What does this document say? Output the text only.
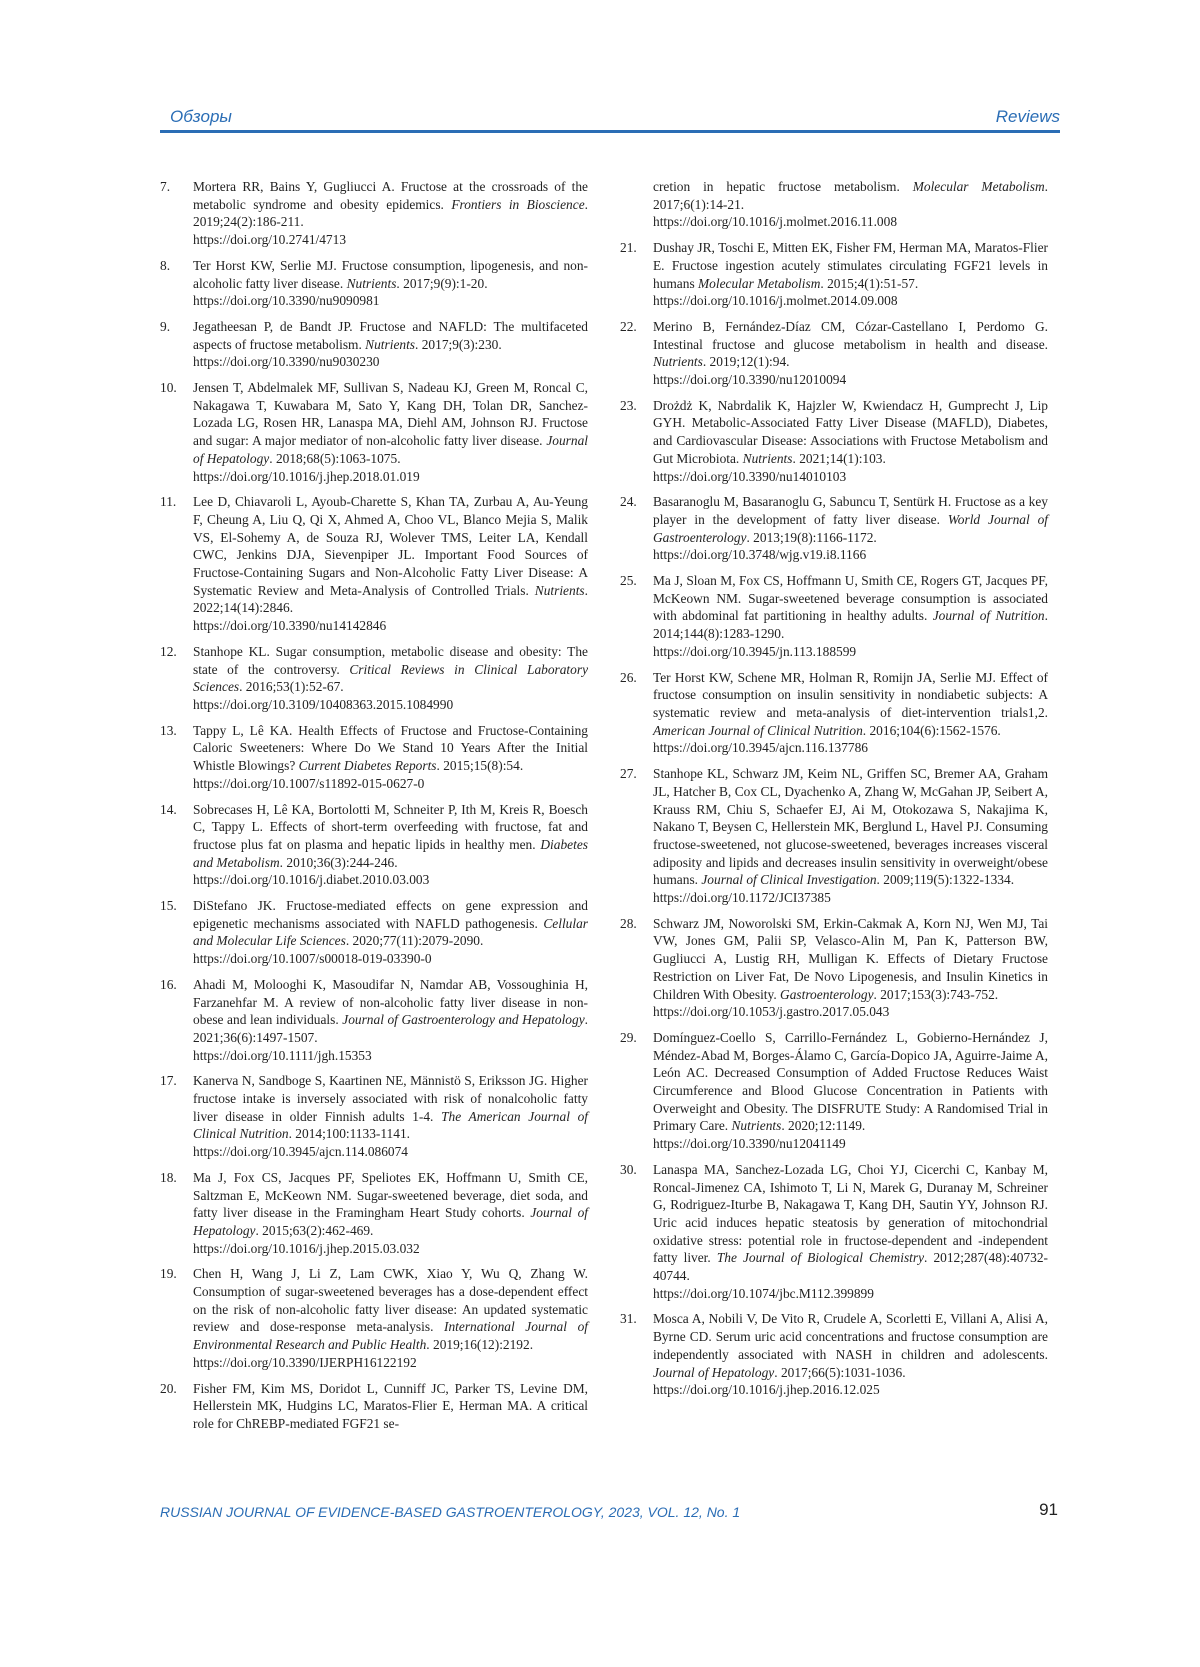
Обзоры	Reviews
7. Mortera RR, Bains Y, Gugliucci A. Fructose at the crossroads of the metabolic syndrome and obesity epidemics. Frontiers in Bioscience. 2019;24(2):186-211.
https://doi.org/10.2741/4713
8. Ter Horst KW, Serlie MJ. Fructose consumption, lipogenesis, and non-alcoholic fatty liver disease. Nutrients. 2017;9(9):1-20.
https://doi.org/10.3390/nu9090981
9. Jegatheesan P, de Bandt JP. Fructose and NAFLD: The multifaceted aspects of fructose metabolism. Nutrients. 2017;9(3):230.
https://doi.org/10.3390/nu9030230
10. Jensen T, Abdelmalek MF, Sullivan S, Nadeau KJ, Green M, Roncal C, Nakagawa T, Kuwabara M, Sato Y, Kang DH, Tolan DR, Sanchez-Lozada LG, Rosen HR, Lanaspa MA, Diehl AM, Johnson RJ. Fructose and sugar: A major mediator of non-alcoholic fatty liver disease. Journal of Hepatology. 2018;68(5):1063-1075.
https://doi.org/10.1016/j.jhep.2018.01.019
11. Lee D, Chiavaroli L, Ayoub-Charette S, Khan TA, Zurbau A, Au-Yeung F, Cheung A, Liu Q, Qi X, Ahmed A, Choo VL, Blanco Mejia S, Malik VS, El-Sohemy A, de Souza RJ, Wolever TMS, Leiter LA, Kendall CWC, Jenkins DJA, Sievenpiper JL. Important Food Sources of Fructose-Containing Sugars and Non-Alcoholic Fatty Liver Disease: A Systematic Review and Meta-Analysis of Controlled Trials. Nutrients. 2022;14(14):2846.
https://doi.org/10.3390/nu14142846
12. Stanhope KL. Sugar consumption, metabolic disease and obesity: The state of the controversy. Critical Reviews in Clinical Laboratory Sciences. 2016;53(1):52-67.
https://doi.org/10.3109/10408363.2015.1084990
13. Tappy L, Lê KA. Health Effects of Fructose and Fructose-Containing Caloric Sweeteners: Where Do We Stand 10 Years After the Initial Whistle Blowings? Current Diabetes Reports. 2015;15(8):54.
https://doi.org/10.1007/s11892-015-0627-0
14. Sobrecases H, Lê KA, Bortolotti M, Schneiter P, Ith M, Kreis R, Boesch C, Tappy L. Effects of short-term overfeeding with fructose, fat and fructose plus fat on plasma and hepatic lipids in healthy men. Diabetes and Metabolism. 2010;36(3):244-246.
https://doi.org/10.1016/j.diabet.2010.03.003
15. DiStefano JK. Fructose-mediated effects on gene expression and epigenetic mechanisms associated with NAFLD pathogenesis. Cellular and Molecular Life Sciences. 2020;77(11):2079-2090.
https://doi.org/10.1007/s00018-019-03390-0
16. Ahadi M, Molooghi K, Masoudifar N, Namdar AB, Vossoughinia H, Farzanehfar M. A review of non-alcoholic fatty liver disease in non-obese and lean individuals. Journal of Gastroenterology and Hepatology. 2021;36(6):1497-1507.
https://doi.org/10.1111/jgh.15353
17. Kanerva N, Sandboge S, Kaartinen NE, Männistö S, Eriksson JG. Higher fructose intake is inversely associated with risk of nonalcoholic fatty liver disease in older Finnish adults 1-4. The American Journal of Clinical Nutrition. 2014;100:1133-1141.
https://doi.org/10.3945/ajcn.114.086074
18. Ma J, Fox CS, Jacques PF, Speliotes EK, Hoffmann U, Smith CE, Saltzman E, McKeown NM. Sugar-sweetened beverage, diet soda, and fatty liver disease in the Framingham Heart Study cohorts. Journal of Hepatology. 2015;63(2):462-469.
https://doi.org/10.1016/j.jhep.2015.03.032
19. Chen H, Wang J, Li Z, Lam CWK, Xiao Y, Wu Q, Zhang W. Consumption of sugar-sweetened beverages has a dose-dependent effect on the risk of non-alcoholic fatty liver disease: An updated systematic review and dose-response meta-analysis. International Journal of Environmental Research and Public Health. 2019;16(12):2192.
https://doi.org/10.3390/IJERPH16122192
20. Fisher FM, Kim MS, Doridot L, Cunniff JC, Parker TS, Levine DM, Hellerstein MK, Hudgins LC, Maratos-Flier E, Herman MA. A critical role for ChREBP-mediated FGF21 se-
cretion in hepatic fructose metabolism. Molecular Metabolism. 2017;6(1):14-21.
https://doi.org/10.1016/j.molmet.2016.11.008
21. Dushay JR, Toschi E, Mitten EK, Fisher FM, Herman MA, Maratos-Flier E. Fructose ingestion acutely stimulates circulating FGF21 levels in humans Molecular Metabolism. 2015;4(1):51-57.
https://doi.org/10.1016/j.molmet.2014.09.008
22. Merino B, Fernández-Díaz CM, Cózar-Castellano I, Perdomo G. Intestinal fructose and glucose metabolism in health and disease. Nutrients. 2019;12(1):94.
https://doi.org/10.3390/nu12010094
23. Drożdż K, Nabrdalik K, Hajzler W, Kwiendacz H, Gumprecht J, Lip GYH. Metabolic-Associated Fatty Liver Disease (MAFLD), Diabetes, and Cardiovascular Disease: Associations with Fructose Metabolism and Gut Microbiota. Nutrients. 2021;14(1):103.
https://doi.org/10.3390/nu14010103
24. Basaranoglu M, Basaranoglu G, Sabuncu T, Sentürk H. Fructose as a key player in the development of fatty liver disease. World Journal of Gastroenterology. 2013;19(8):1166-1172.
https://doi.org/10.3748/wjg.v19.i8.1166
25. Ma J, Sloan M, Fox CS, Hoffmann U, Smith CE, Rogers GT, Jacques PF, McKeown NM. Sugar-sweetened beverage consumption is associated with abdominal fat partitioning in healthy adults. Journal of Nutrition. 2014;144(8):1283-1290.
https://doi.org/10.3945/jn.113.188599
26. Ter Horst KW, Schene MR, Holman R, Romijn JA, Serlie MJ. Effect of fructose consumption on insulin sensitivity in nondiabetic subjects: A systematic review and meta-analysis of diet-intervention trials1,2. American Journal of Clinical Nutrition. 2016;104(6):1562-1576.
https://doi.org/10.3945/ajcn.116.137786
27. Stanhope KL, Schwarz JM, Keim NL, Griffen SC, Bremer AA, Graham JL, Hatcher B, Cox CL, Dyachenko A, Zhang W, McGahan JP, Seibert A, Krauss RM, Chiu S, Schaefer EJ, Ai M, Otokozawa S, Nakajima K, Nakano T, Beysen C, Hellerstein MK, Berglund L, Havel PJ. Consuming fructose-sweetened, not glucose-sweetened, beverages increases visceral adiposity and lipids and decreases insulin sensitivity in overweight/obese humans. Journal of Clinical Investigation. 2009;119(5):1322-1334.
https://doi.org/10.1172/JCI37385
28. Schwarz JM, Noworolski SM, Erkin-Cakmak A, Korn NJ, Wen MJ, Tai VW, Jones GM, Palii SP, Velasco-Alin M, Pan K, Patterson BW, Gugliucci A, Lustig RH, Mulligan K. Effects of Dietary Fructose Restriction on Liver Fat, De Novo Lipogenesis, and Insulin Kinetics in Children With Obesity. Gastroenterology. 2017;153(3):743-752.
https://doi.org/10.1053/j.gastro.2017.05.043
29. Domínguez-Coello S, Carrillo-Fernández L, Gobierno-Hernández J, Méndez-Abad M, Borges-Álamo C, García-Dopico JA, Aguirre-Jaime A, León AC. Decreased Consumption of Added Fructose Reduces Waist Circumference and Blood Glucose Concentration in Patients with Overweight and Obesity. The DISFRUTE Study: A Randomised Trial in Primary Care. Nutrients. 2020;12:1149.
https://doi.org/10.3390/nu12041149
30. Lanaspa MA, Sanchez-Lozada LG, Choi YJ, Cicerchi C, Kanbay M, Roncal-Jimenez CA, Ishimoto T, Li N, Marek G, Duranay M, Schreiner G, Rodriguez-Iturbe B, Nakagawa T, Kang DH, Sautin YY, Johnson RJ. Uric acid induces hepatic steatosis by generation of mitochondrial oxidative stress: potential role in fructose-dependent and -independent fatty liver. The Journal of Biological Chemistry. 2012;287(48):40732-40744.
https://doi.org/10.1074/jbc.M112.399899
31. Mosca A, Nobili V, De Vito R, Crudele A, Scorletti E, Villani A, Alisi A, Byrne CD. Serum uric acid concentrations and fructose consumption are independently associated with NASH in children and adolescents. Journal of Hepatology. 2017;66(5):1031-1036.
https://doi.org/10.1016/j.jhep.2016.12.025
RUSSIAN JOURNAL OF EVIDENCE-BASED GASTROENTEROLOGY, 2023, VOL. 12, No. 1	91
